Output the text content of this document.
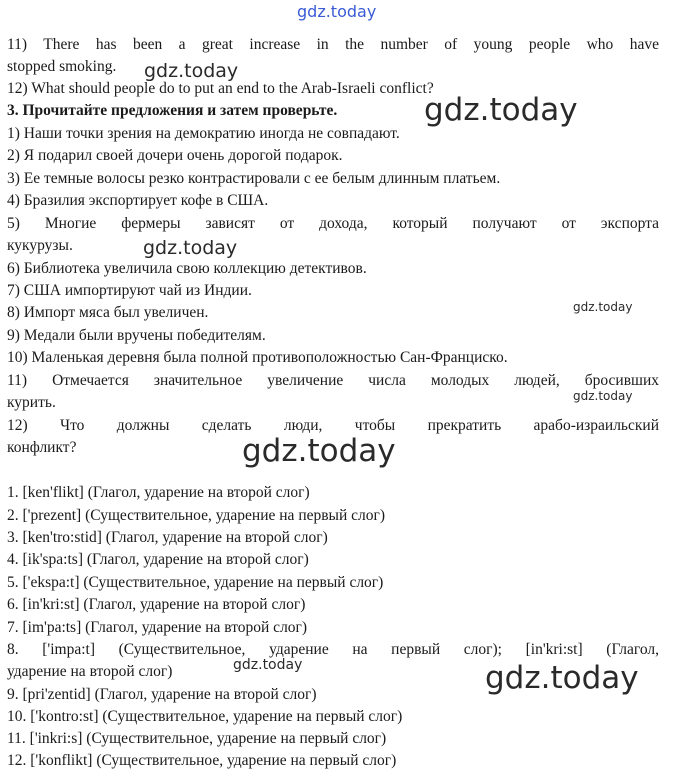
gdz.today
gdz.today
gdz.today
gdz.today
gdz.today
gdz.today
gdz.today
gdz.today	gdz.today
11) There has been a great increase in the number of young people who have
stopped smoking.
12) What should people do to put an end to the Arab-Israeli conflict?
3. Прочитайте предложения и затем проверьте.
1) Наши точки зрения на демократию иногда не совпадают.
2) Я подарил своей дочери очень дорогой подарок.
3) Ее темные волосы резко контрастировали с ее белым длинным платьем.
4) Бразилия экспортирует кофе в США.
5) Многие фермеры зависят от дохода, который получают от экспорта
кукурузы.
6) Библиотека увеличила свою коллекцию детективов.
7) США импортируют чай из Индии.
8) Импорт мяса был увеличен.
9) Медали были вручены победителям.
10) Маленькая деревня была полной противоположностью Сан-Франциско.
11) Отмечается значительное увеличение числа молодых людей, бросивших
курить.
12) Что должны сделать люди, чтобы прекратить арабо-израильский
конфликт?
1. [ken'flikt] (Глагол, ударение на второй слог)
2. ['prezent] (Существительное, ударение на первый слог)
3. [ken'tro:stid] (Глагол, ударение на второй слог)
4. [ik'spa:ts] (Глагол, ударение на второй слог)
5. ['ekspa:t] (Существительное, ударение на первый слог)
6. [in'kri:st] (Глагол, ударение на второй слог)
7. [im'pa:ts] (Глагол, ударение на второй слог)
8. ['impa:t] (Существительное, ударение на первый слог); [in'kri:st] (Глагол,
ударение на второй слог)
9. [pri'zentid] (Глагол, ударение на второй слог)
10. ['kontro:st] (Существительное, ударение на первый слог)
11. ['inkri:s] (Существительное, ударение на первый слог)
12. ['konflikt] (Существительное, ударение на первый слог)
